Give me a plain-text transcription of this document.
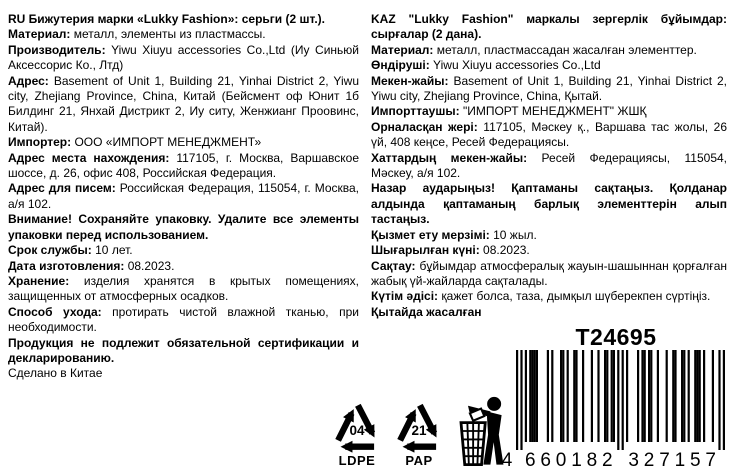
RU Бижутерия марки «Lukky Fashion»: серьги (2 шт.).

Материал: металл, элементы из пластмассы.

Производитель: Yiwu Xiuyu accessories Co.,Ltd (Иу Синьюй Аксессорис Ко., Лтд)

Адрес: Basement of Unit 1, Building 21, Yinhai District 2, Yiwu city, Zhejiang Province, China, Китай (Бейсмент оф Юнит 1б Билдинг 21, Янхай Дистрикт 2, Иу ситу, Женжианг Проовинс, Китай).

Импортер: ООО «ИМПОРТ МЕНЕДЖМЕНТ»

Адрес места нахождения: 117105, г. Москва, Варшавское шоссе, д. 26, офис 408, Российская Федерация.

Адрес для писем: Российская Федерация, 115054, г. Москва, а/я 102.

Внимание! Сохраняйте упаковку. Удалите все элементы упаковки перед использованием.

Срок службы: 10 лет.

Дата изготовления: 08.2023.

Хранение: изделия хранятся в крытых помещениях, защищенных от атмосферных осадков.

Способ ухода: протирать чистой влажной тканью, при необходимости.

Продукция не подлежит обязательной сертификации и декларированию.

Сделано в Китае

KAZ "Lukky Fashion" маркалы зергерлік бұйымдар: сырғалар (2 дана).

Материал: металл, пластмассадан жасалған элементтер.

Өндіруші: Yiwu Xiuyu accessories Co.,Ltd

Мекен-жайы: Basement of Unit 1, Building 21, Yinhai District 2, Yiwu city, Zhejiang Province, China, Қытай.

Импорттаушы: "ИМПОРТ МЕНЕДЖМЕНТ" ЖШҚ

Орналасқан жері: 117105, Мәскеу қ., Варшава тас жолы, 26 үй, 408 кеңсе, Ресей Федерациясы.

Хаттардың мекен-жайы: Ресей Федерациясы, 115054, Мәскеу, а/я 102.

Назар аударыңыз! Қаптаманы сақтаңыз. Қолданар алдында қаптаманың барлық элементтерін алып тастаңыз.

Қызмет ету мерзімі: 10 жыл.

Шығарылған күні: 08.2023.

Сақтау: бұйымдар атмосфералық жауын-шашыннан қорғалған жабық үй-жайларда сақталады.

Күтім әдісі: қажет болса, таза, дымқыл шүберекпен сүртіңіз.

Қытайда жасалған

04
LDPE
21
PAP
T24695
4 6	3
6	2
0	7
1	1
8	5
2	7
